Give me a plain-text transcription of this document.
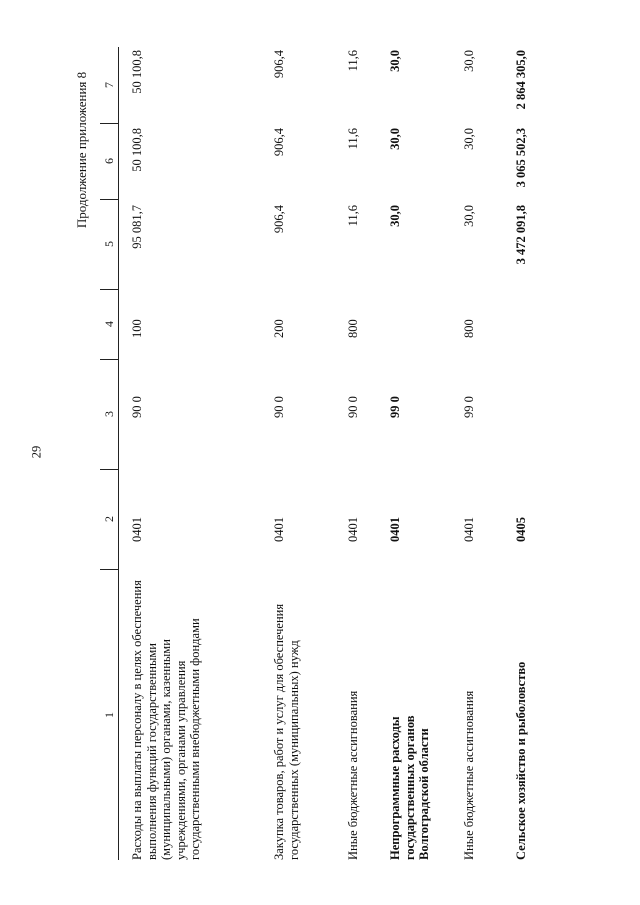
29
Продолжение приложения 8
1
2
3
4
5
6
7
Расходы на выплаты персоналу в целях обеспечения выполнения функций государственными (муниципальными) органами, казенными учреждениями, органами управления государственными внебюджетными фондами
0401
90 0
100
95 081,7
50 100,8
50 100,8
Закупка товаров, работ и услуг для обеспечения государственных (муниципальных) нужд
0401
90 0
200
906,4
906,4
906,4
Иные бюджетные ассигнования
0401
90 0
800
11,6
11,6
11,6
Непрограммные расходы государственных органов Волгоградской области
0401
99 0
30,0
30,0
30,0
Иные бюджетные ассигнования
0401
99 0
800
30,0
30,0
30,0
Сельское хозяйство и рыболовство
0405
3 472 091,8
3 065 502,3
2 864 305,0
